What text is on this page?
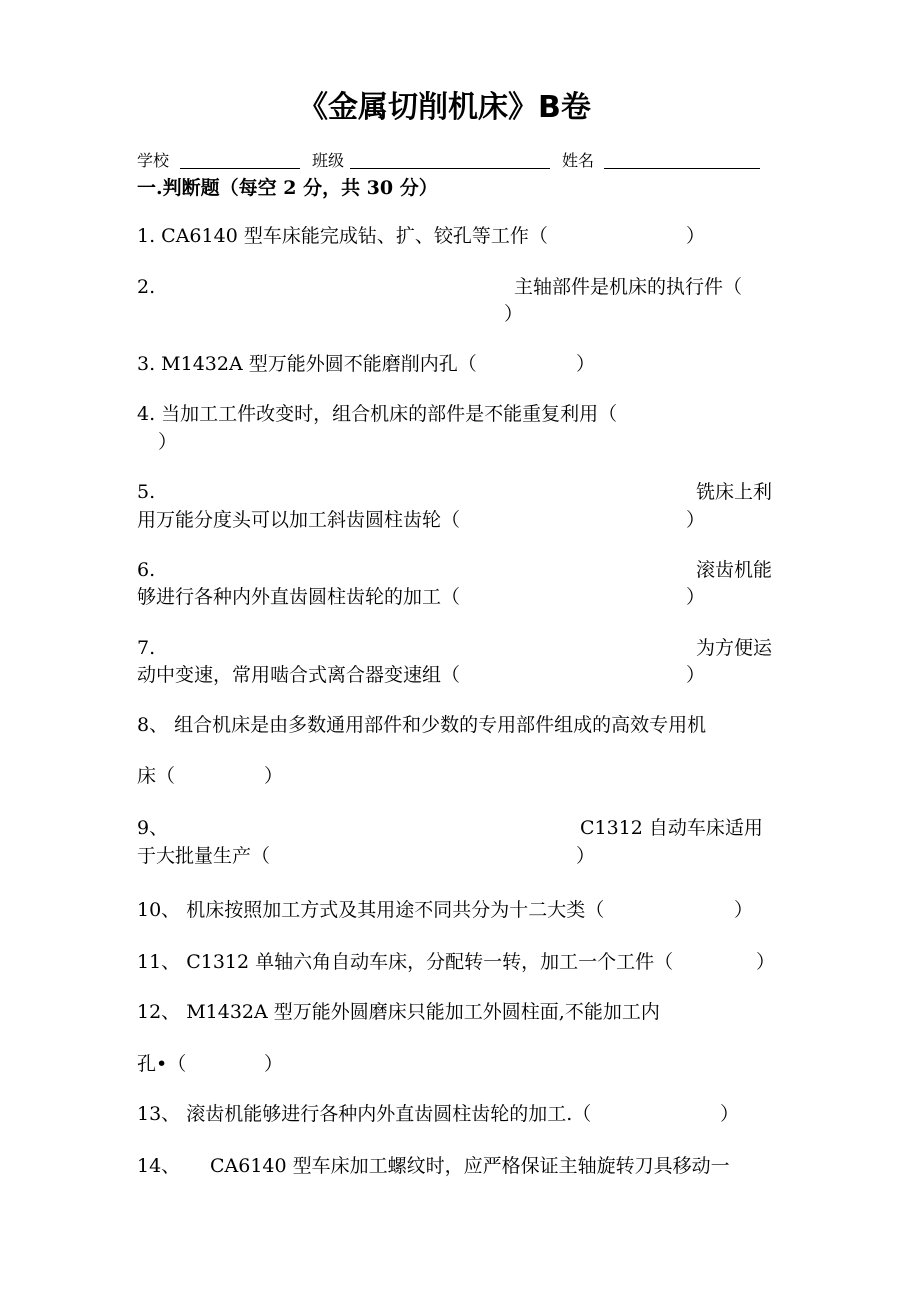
《金属切削机床》B卷
学校	班级	姓名
一.判断题（每空 2 分，共 30 分）
1. CA6140 型车床能完成钻、扩、铰孔等工作（	）
2.	主轴部件是机床的执行件（
）
3. M1432A 型万能外圆不能磨削内孔（	）
4. 当加工工件改变时，组合机床的部件是不能重复利用（
）
5.	铣床上利
用万能分度头可以加工斜齿圆柱齿轮（	）
6.	滚齿机能
够进行各种内外直齿圆柱齿轮的加工（	）
7.	为方便运
动中变速，常用啮合式离合器变速组（	）
8、 组合机床是由多数通用部件和少数的专用部件组成的高效专用机
床（	）
9、	C1312 自动车床适用
于大批量生产（	）
10、 机床按照加工方式及其用途不同共分为十二大类（	）
11、 C1312 单轴六角自动车床，分配转一转，加工一个工件（	）
12、 M1432A 型万能外圆磨床只能加工外圆柱面,不能加工内
孔•（	）
13、 滚齿机能够进行各种内外直齿圆柱齿轮的加工.（	）
14、 CA6140 型车床加工螺纹时，应严格保证主轴旋转刀具移动一
